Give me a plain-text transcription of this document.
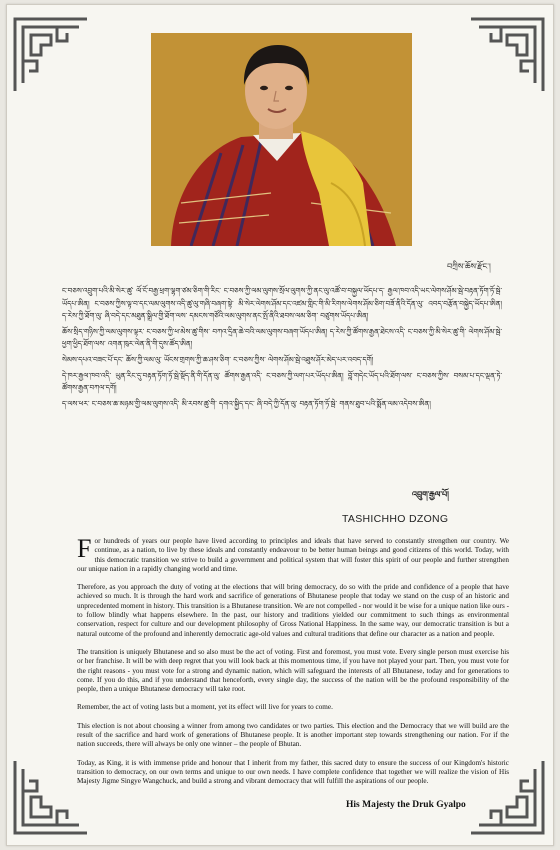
བཀྲིས་ཆོས་རྫོང་།

ང་བཅས་འབྲུག་པའི་མི་སེར་ཚུ་ ལོ་ངོ་བརྒྱ་ཕྲག་ལྷག་ཙམ་ཅིག་གི་རིང་ ང་བཅས་ཀྱི་ལམ་ལུགས་སྲོལ་ལུགས་ཀྱི་ནང་ལུ་འཚོ་བ་བསྐྱལ་ཡོདཔ་ད་ རྒྱལ་ཁབ་འདི་ཡང་ལེགས་ཤོམ་སྦེ་བརྟན་ཏོག་ཏོ་སྦེ་ཡོདཔ་ཨིན། ང་བཅས་ཀྱིས་ལྟ་བ་དང་ལམ་ལུགས་འདི་ཚུ་ལུ་གཞི་བཞག་སྟེ་ མི་སེར་ལེགས་ཤོམ་དང་འཛམ་གླིང་གི་མི་རིགས་ལེགས་ཤོམ་ཅིག་བཟོ་ནིའི་དོན་ལུ་ འབད་བརྩོན་བསྐྱེད་ཡོདཔ་ཨིན། ད་རེས་ཀྱི་ཐོག་ལུ་ ཞི་བདེ་དང་མཐུན་སྒྲིལ་གྱི་ཐོག་ལས་ དམངས་གཙོའི་ལམ་ལུགས་ནང་སྤོ་ནིའི་ཐབས་ལམ་ཅིག་ བཙུགས་ཡོདཔ་ཨིན།

ཆོས་སྲིད་གཉིས་ཀྱི་ལམ་ལུགས་ལྟར་ ང་བཅས་ཀྱི་ཕ་མེས་ཚུ་གིས་ བཀའ་དྲིན་ཆེ་བའི་ལམ་ལུགས་བཞག་ཡོདཔ་ཨིན། ད་རེས་ཀྱི་ཚོགས་རྒྱན་ཐེངས་འདི་ ང་བཅས་ཀྱི་མི་སེར་ཚུ་གི་ ལེགས་ཤོམ་སྦེ་ ཕྱག་ཕྱིད་ཐོག་ལས་ འགན་ཁུར་ལེན་ནི་གི་དུས་ཚོད་ཨིན།

སེམས་དཔའ་བཟང་པོ་དང་ ཆོས་ཀྱི་ལམ་ལུ་ ཡོངས་གྲགས་ཀྱི་ཆ་ཤས་ཅིག་ ང་བཅས་ཀྱིས་ ལེགས་ཤོམ་སྦེ་འཐུས་ཤོར་མེད་པར་འབད་དགོ།

དེ་ཁར་རྒྱལ་ཁབ་འདི་ ཡུན་རིང་དུ་བརྟན་ཏོག་ཏོ་སྦེ་སྡོད་ནི་གི་དོན་ལུ་ ཚོགས་རྒྱན་འདི་ ང་བཅས་ཀྱི་ལག་པར་ཡོདཔ་ཨིན། བློ་གདེང་ཡོད་པའི་ཐོག་ལས་ ང་བཅས་ཀྱིས་ བསམ་པ་དང་ལྡན་ཏེ་ ཚོགས་རྒྱན་བཀལ་དགོ།

ད་ལས་ཕར་ ང་བཅས་ཆ་མཉམ་གྱི་ལམ་ལུགས་འདི་ མི་རབས་ཚུ་གི་ དགའ་སྐྱིད་དང་ ཞི་བདེ་ཀྱི་དོན་ལུ་ བརྟན་ཏོག་ཏོ་སྦེ་ གནས་ཐུབ་པའི་སྨོན་ལམ་འདེབས་ཨིན།

འབྲུག་རྒྱལ་པོ།
TASHICHHO DZONG

For hundreds of years our people have lived according to principles and ideals that have served to constantly strengthen our country. We continue, as a nation, to live by these ideals and constantly endeavour to be better human beings and good citizens of this world. Today, with this democratic transition we strive to build a government and political system that will foster this spirit of our people and further strengthen our unique nation in a rapidly changing world and time.

Therefore, as you approach the duty of voting at the elections that will bring democracy, do so with the pride and confidence of a people that have achieved so much. It is through the hard work and sacrifice of generations of Bhutanese people that today we stand on the cusp of an historic and unprecedented moment in history. This transition is a Bhutanese transition. We are not compelled - nor would it be wise for a unique nation like ours - to follow blindly what happens elsewhere. In the past, our history and traditions yielded our commitment to such things as environmental conservation, respect for culture and our development philosophy of Gross National Happiness. In the same way, our democratic transition is but a natural outcome of the profound and inherently democratic age-old values and cultural traditions that define our character as a nation and people.

The transition is uniquely Bhutanese and so also must be the act of voting. First and foremost, you must vote. Every single person must exercise his or her franchise. It will be with deep regret that you will look back at this momentous time, if you have not played your part. Then, you must vote for the right reasons - you must vote for a strong and dynamic nation, which will safeguard the interests of all Bhutanese, today and for generations to come. If you do this, and if you understand that henceforth, every single day, the success of the nation will be the profound responsibility of the people, then a unique Bhutanese democracy will take root.

Remember, the act of voting lasts but a moment, yet its effect will live for years to come.

This election is not about choosing a winner from among two candidates or two parties. This election and the Democracy that we will build are the result of the sacrifice and hard work of generations of Bhutanese people. It is another important step towards strengthening our nation. For if the nation succeeds, there will always be only one winner – the people of Bhutan.

Today, as King, it is with immense pride and honour that I inherit from my father, this sacred duty to ensure the success of our Kingdom's historic transition to democracy, on our own terms and unique to our own needs. I have complete confidence that together we will realize the vision of His Majesty Jigme Singye Wangchuck, and build a strong and vibrant democracy that will fulfill the aspirations of our people.

His Majesty the Druk Gyalpo
